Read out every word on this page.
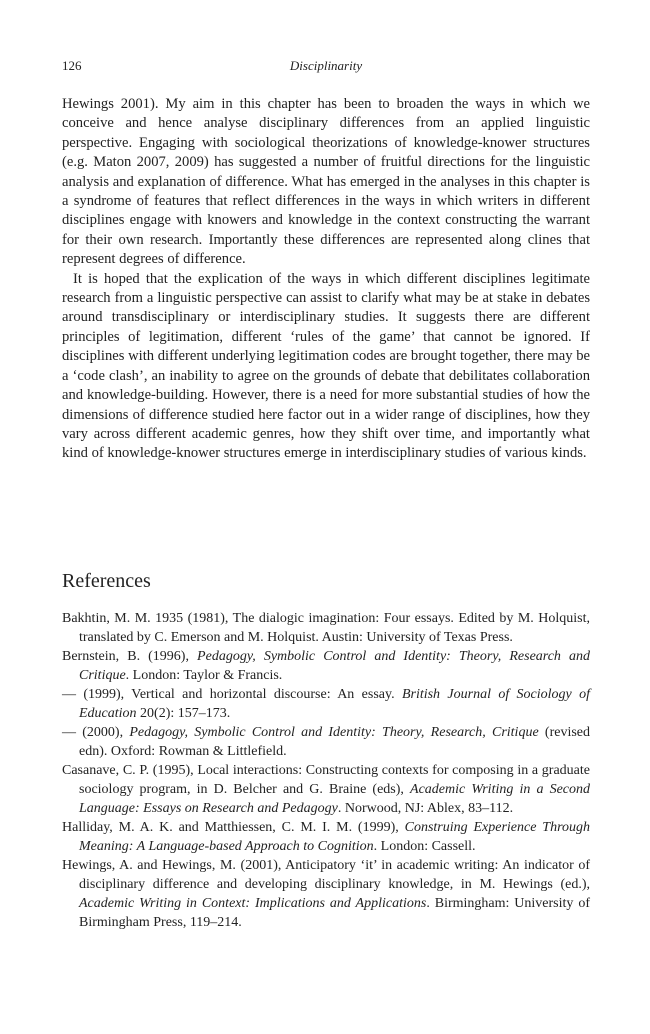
126	Disciplinarity

Hewings 2001). My aim in this chapter has been to broaden the ways in which we conceive and hence analyse disciplinary differences from an applied linguistic perspective. Engaging with sociological theorizations of knowledge-knower structures (e.g. Maton 2007, 2009) has suggested a number of fruitful directions for the linguistic analysis and explanation of difference. What has emerged in the analyses in this chapter is a syndrome of features that reflect differences in the ways in which writers in different disciplines engage with knowers and knowledge in the context constructing the warrant for their own research. Importantly these differences are represented along clines that represent degrees of difference.

It is hoped that the explication of the ways in which different disciplines legitimate research from a linguistic perspective can assist to clarify what may be at stake in debates around transdisciplinary or interdisciplinary studies. It suggests there are different principles of legitimation, different ‘rules of the game’ that cannot be ignored. If disciplines with different underlying legitimation codes are brought together, there may be a ‘code clash’, an inability to agree on the grounds of debate that debilitates collaboration and knowledge-building. However, there is a need for more substantial studies of how the dimensions of difference studied here factor out in a wider range of disciplines, how they vary across different academic genres, how they shift over time, and importantly what kind of knowledge-knower structures emerge in interdisciplinary studies of various kinds.

References
Bakhtin, M. M. 1935 (1981), The dialogic imagination: Four essays. Edited by M. Holquist, translated by C. Emerson and M. Holquist. Austin: University of Texas Press.
Bernstein, B. (1996), Pedagogy, Symbolic Control and Identity: Theory, Research and Critique. London: Taylor & Francis.
— (1999), Vertical and horizontal discourse: An essay. British Journal of Sociology of Education 20(2): 157–173.
— (2000), Pedagogy, Symbolic Control and Identity: Theory, Research, Critique (revised edn). Oxford: Rowman & Littlefield.
Casanave, C. P. (1995), Local interactions: Constructing contexts for composing in a graduate sociology program, in D. Belcher and G. Braine (eds), Academic Writing in a Second Language: Essays on Research and Pedagogy. Norwood, NJ: Ablex, 83–112.
Halliday, M. A. K. and Matthiessen, C. M. I. M. (1999), Construing Experience Through Meaning: A Language-based Approach to Cognition. London: Cassell.
Hewings, A. and Hewings, M. (2001), Anticipatory ‘it’ in academic writing: An indicator of disciplinary difference and developing disciplinary knowledge, in M. Hewings (ed.), Academic Writing in Context: Implications and Applications. Birmingham: University of Birmingham Press, 119–214.
